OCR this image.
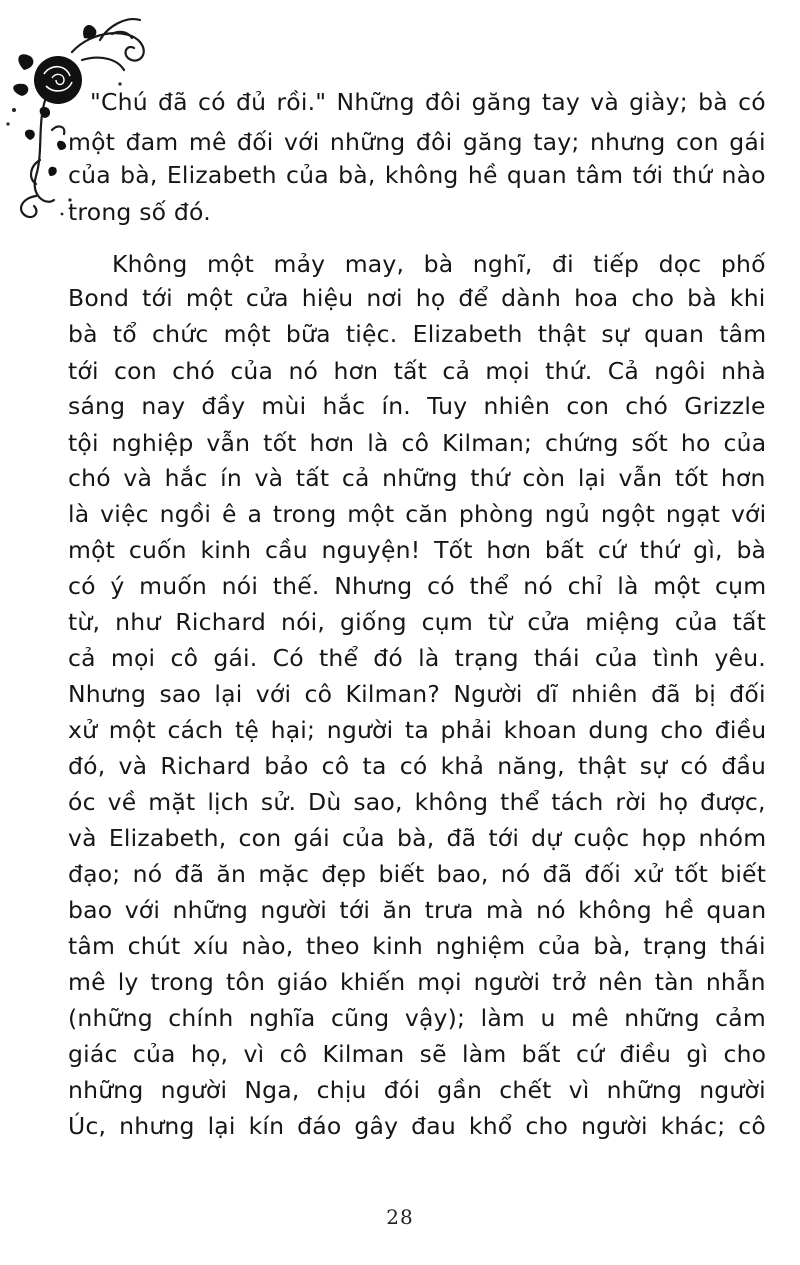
"Chú đã có đủ rồi." Những đôi găng tay và giày; bà có
một đam mê đối với những đôi găng tay; nhưng con gái
của bà, Elizabeth của bà, không hề quan tâm tới thứ nào
trong số đó.
Không một mảy may, bà nghĩ, đi tiếp dọc phố
Bond tới một cửa hiệu nơi họ để dành hoa cho bà khi
bà tổ chức một bữa tiệc. Elizabeth thật sự quan tâm
tới con chó của nó hơn tất cả mọi thứ. Cả ngôi nhà
sáng nay đầy mùi hắc ín. Tuy nhiên con chó Grizzle
tội nghiệp vẫn tốt hơn là cô Kilman; chứng sốt ho của
chó và hắc ín và tất cả những thứ còn lại vẫn tốt hơn
là việc ngồi ê a trong một căn phòng ngủ ngột ngạt với
một cuốn kinh cầu nguyện! Tốt hơn bất cứ thứ gì, bà
có ý muốn nói thế. Nhưng có thể nó chỉ là một cụm
từ, như Richard nói, giống cụm từ cửa miệng của tất
cả mọi cô gái. Có thể đó là trạng thái của tình yêu.
Nhưng sao lại với cô Kilman? Người dĩ nhiên đã bị đối
xử một cách tệ hại; người ta phải khoan dung cho điều
đó, và Richard bảo cô ta có khả năng, thật sự có đầu
óc về mặt lịch sử. Dù sao, không thể tách rời họ được,
và Elizabeth, con gái của bà, đã tới dự cuộc họp nhóm
đạo; nó đã ăn mặc đẹp biết bao, nó đã đối xử tốt biết
bao với những người tới ăn trưa mà nó không hề quan
tâm chút xíu nào, theo kinh nghiệm của bà, trạng thái
mê ly trong tôn giáo khiến mọi người trở nên tàn nhẫn
(những chính nghĩa cũng vậy); làm u mê những cảm
giác của họ, vì cô Kilman sẽ làm bất cứ điều gì cho
những người Nga, chịu đói gần chết vì những người
Úc, nhưng lại kín đáo gây đau khổ cho người khác; cô
28
